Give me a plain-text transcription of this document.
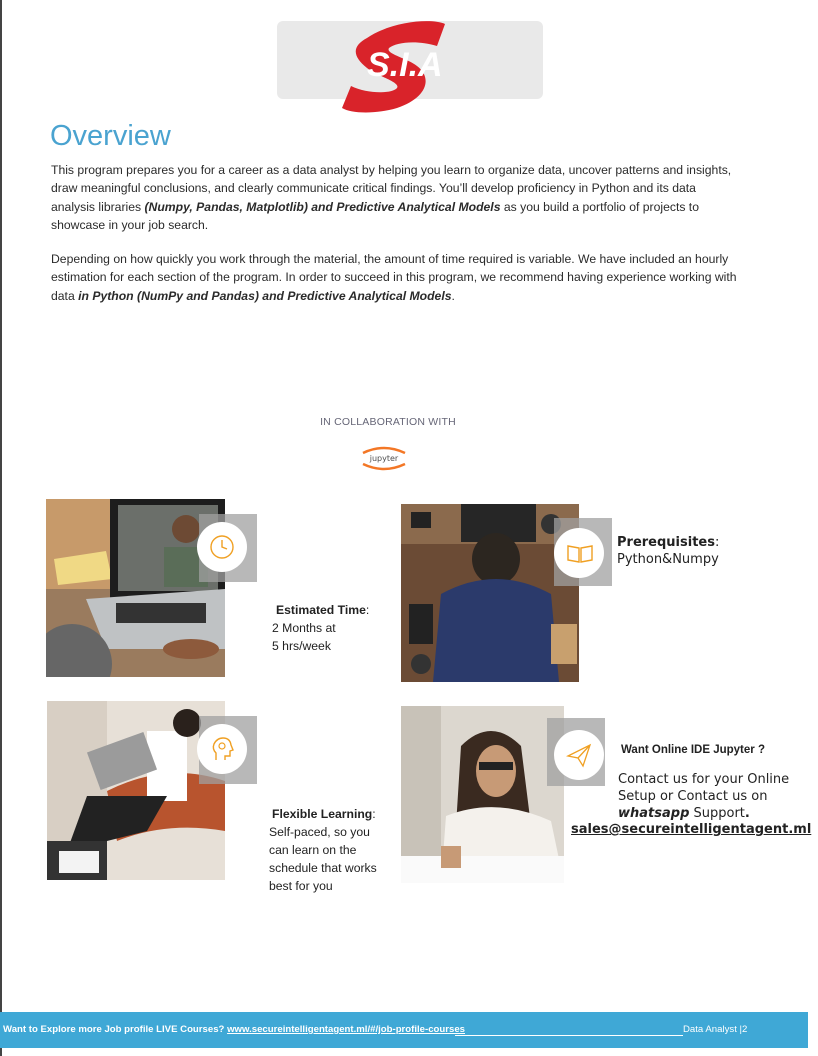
S.I.A
Overview

This program prepares you for a career as a data analyst by helping you learn to organize data, uncover patterns and insights, draw meaningful conclusions, and clearly communicate critical findings. You’ll develop proficiency in Python and its data analysis libraries (Numpy, Pandas, Matplotlib) and Predictive Analytical Models as you build a portfolio of projects to showcase in your job search.

Depending on how quickly you work through the material, the amount of time required is variable. We have included an hourly estimation for each section of the program. In order to succeed in this program, we recommend having experience working with data in Python (NumPy and Pandas) and Predictive Analytical Models.

IN COLLABORATION WITH
jupyter
Estimated Time:
2 Months at
5 hrs/week
Prerequisites:
Python&Numpy
Flexible Learning:
Self-paced, so you
can learn on the
schedule that works
best for you
Want Online IDE Jupyter ?
Contact us for your Online
Setup or Contact us on
whatsapp Support.
sales@secureintelligentagent.ml
Want to Explore more Job profile LIVE Courses? www.secureintelligentagent.ml/#/job-profile-courses	Data Analyst |2
